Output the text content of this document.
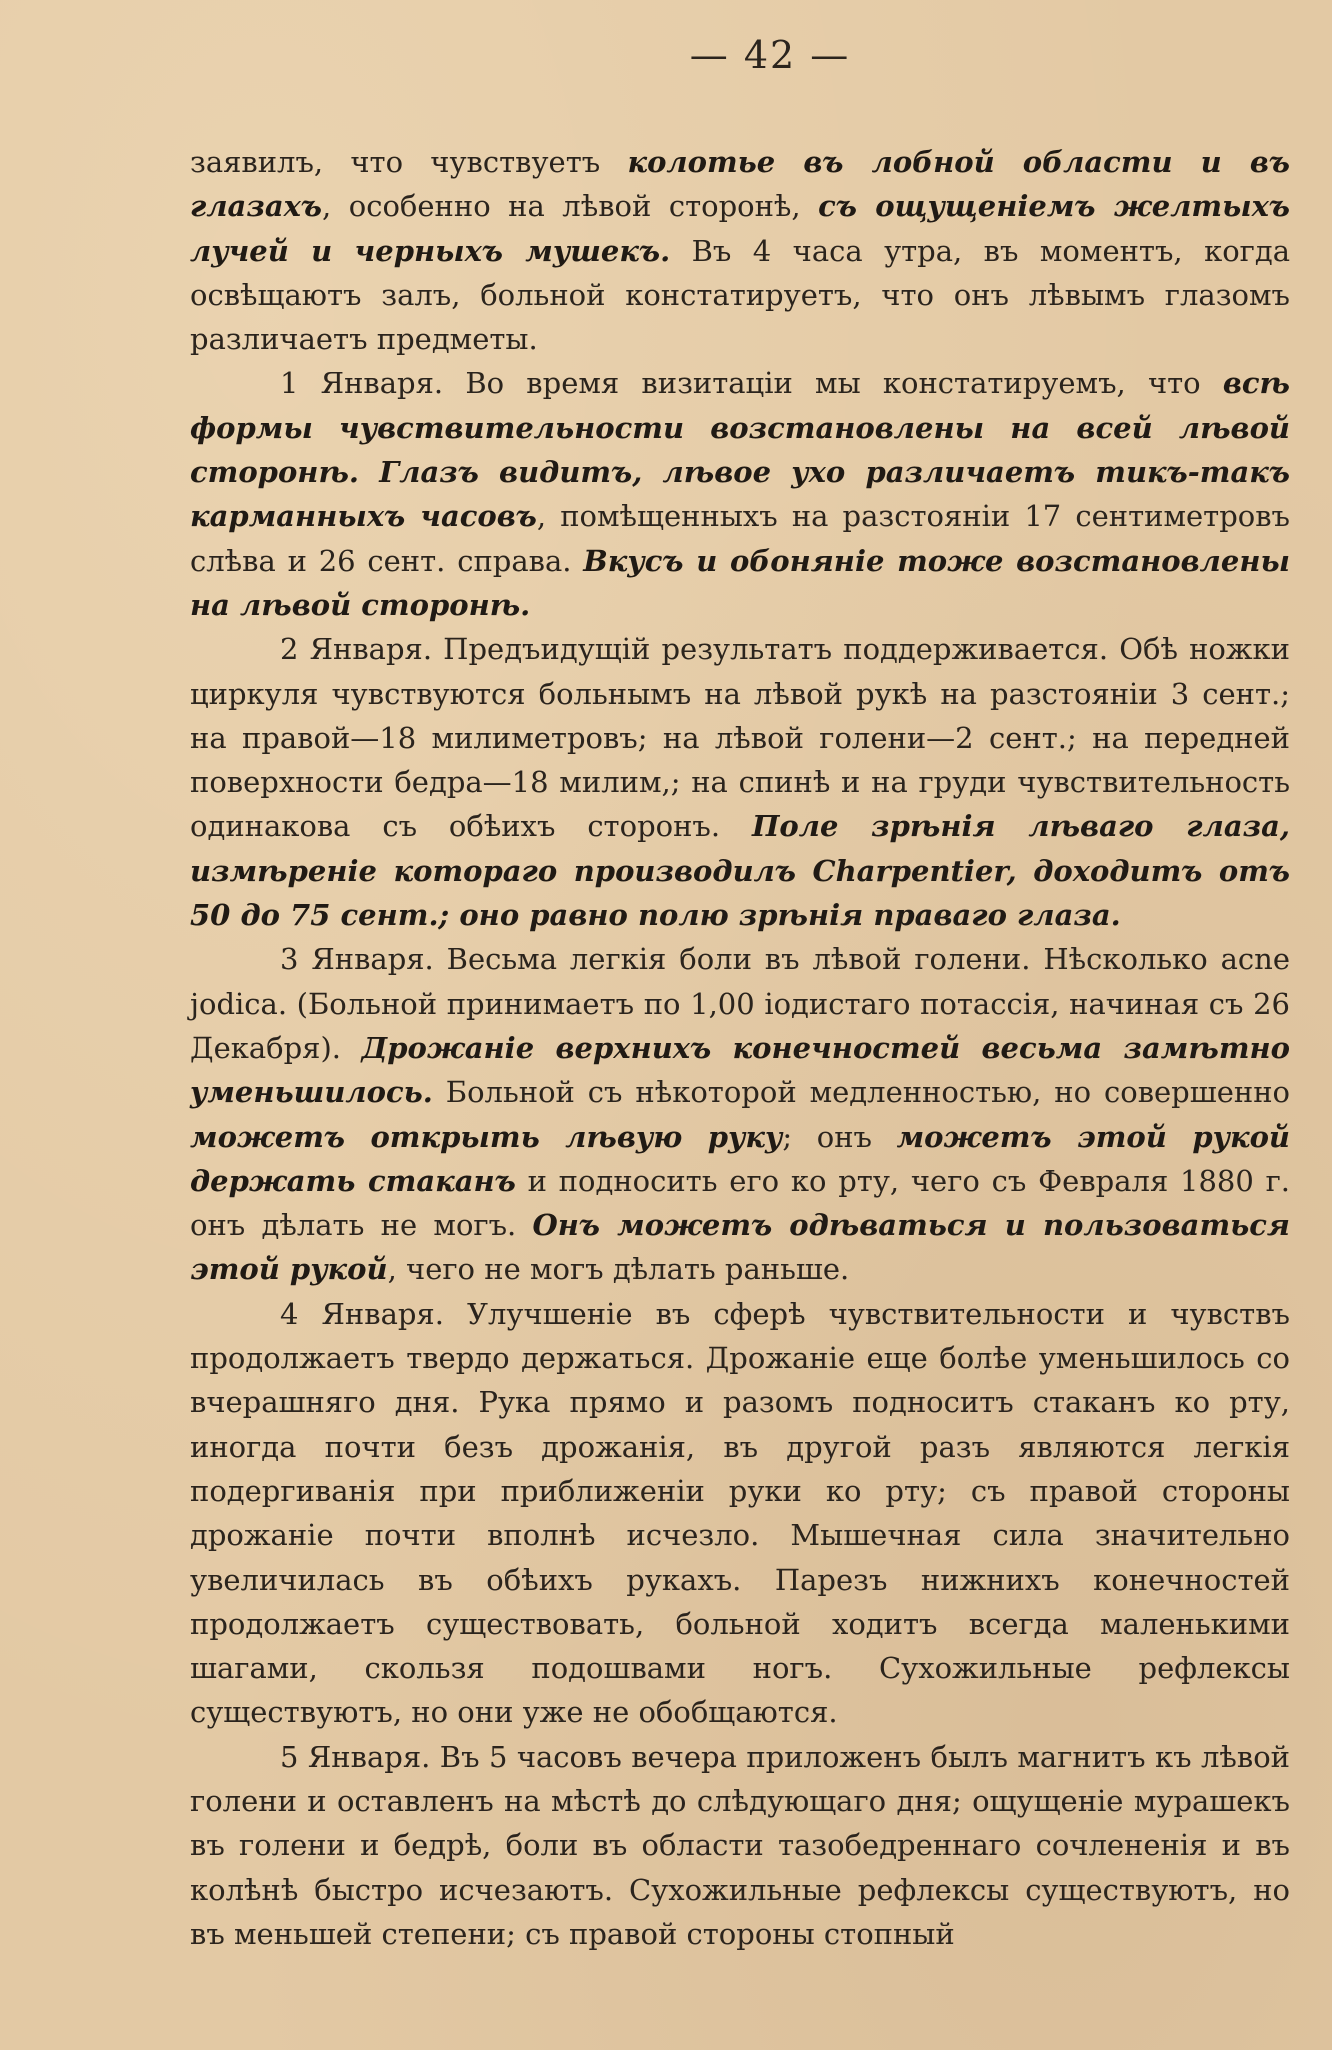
— 42 —

заявилъ, что чувствуетъ колотье въ лобной области и въ глазахъ, особенно на лѣвой сторонѣ, съ ощущеніемъ желтыхъ лучей и черныхъ мушекъ. Въ 4 часа утра, въ моментъ, когда освѣщаютъ залъ, больной констатируетъ, что онъ лѣвымъ глазомъ различаетъ предметы.

1 Января. Во время визитаціи мы констатируемъ, что всѣ формы чувствительности возстановлены на всей лѣвой сторонѣ. Глазъ видитъ, лѣвое ухо различаетъ тикъ-такъ карманныхъ часовъ, помѣщенныхъ на разстояніи 17 сентиметровъ слѣва и 26 сент. справа. Вкусъ и обоняніе тоже возстановлены на лѣвой сторонѣ.

2 Января. Предъидущій результатъ поддерживается. Обѣ ножки циркуля чувствуются больнымъ на лѣвой рукѣ на разстояніи 3 сент.; на правой—18 милиметровъ; на лѣвой голени—2 сент.; на передней поверхности бедра—18 милим,; на спинѣ и на груди чувствительность одинакова съ обѣихъ сторонъ. Поле зрѣнія лѣваго глаза, измѣреніе котораго производилъ Charpentier, доходитъ отъ 50 до 75 сент.; оно равно полю зрѣнія праваго глаза.

3 Января. Весьма легкія боли въ лѣвой голени. Нѣсколько acne jodica. (Больной принимаетъ по 1,00 іодистаго потассія, начиная съ 26 Декабря). Дрожаніе верхнихъ конечностей весьма замѣтно уменьшилось. Больной съ нѣкоторой медленностью, но совершенно можетъ открыть лѣвую руку; онъ можетъ этой рукой держать стаканъ и подносить его ко рту, чего съ Февраля 1880 г. онъ дѣлать не могъ. Онъ можетъ одѣваться и пользоваться этой рукой, чего не могъ дѣлать раньше.

4 Января. Улучшеніе въ сферѣ чувствительности и чувствъ продолжаетъ твердо держаться. Дрожаніе еще болѣе уменьшилось со вчерашняго дня. Рука прямо и разомъ подноситъ стаканъ ко рту, иногда почти безъ дрожанія, въ другой разъ являются легкія подергиванія при приближеніи руки ко рту; съ правой стороны дрожаніе почти вполнѣ исчезло. Мышечная сила значительно увеличилась въ обѣихъ рукахъ. Парезъ нижнихъ конечностей продолжаетъ существовать, больной ходитъ всегда маленькими шагами, скользя подошвами ногъ. Сухожильные рефлексы существуютъ, но они уже не обобщаются.

5 Января. Въ 5 часовъ вечера приложенъ былъ магнитъ къ лѣвой голени и оставленъ на мѣстѣ до слѣдующаго дня; ощущеніе мурашекъ въ голени и бедрѣ, боли въ области тазобедреннаго сочлененія и въ колѣнѣ быстро исчезаютъ. Сухожильные рефлексы существуютъ, но въ меньшей степени; съ правой стороны стопный
